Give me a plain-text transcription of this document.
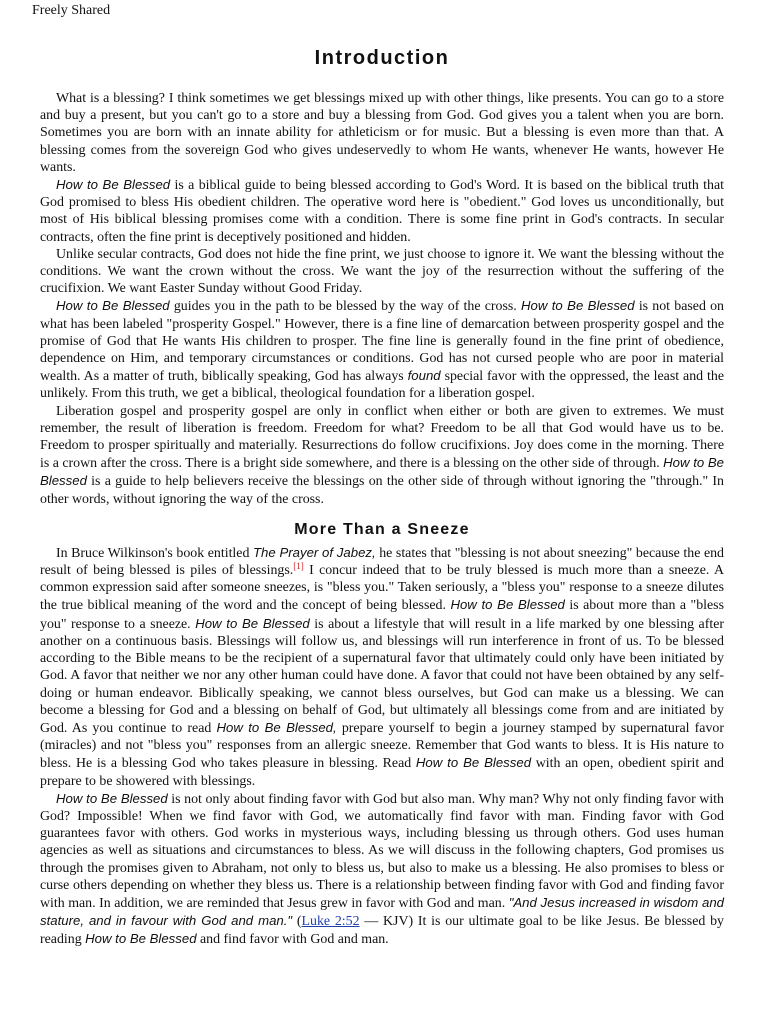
Freely Shared
Introduction

What is a blessing? I think sometimes we get blessings mixed up with other things, like presents. You can go to a store and buy a present, but you can't go to a store and buy a blessing from God. God gives you a talent when you are born. Sometimes you are born with an innate ability for athleticism or for music. But a blessing is even more than that. A blessing comes from the sovereign God who gives undeservedly to whom He wants, whenever He wants, however He wants.

How to Be Blessed is a biblical guide to being blessed according to God's Word. It is based on the biblical truth that God promised to bless His obedient children. The operative word here is "obedient." God loves us unconditionally, but most of His biblical blessing promises come with a condition. There is some fine print in God's contracts. In secular contracts, often the fine print is deceptively positioned and hidden.

Unlike secular contracts, God does not hide the fine print, we just choose to ignore it. We want the blessing without the conditions. We want the crown without the cross. We want the joy of the resurrection without the suffering of the crucifixion. We want Easter Sunday without Good Friday.

How to Be Blessed guides you in the path to be blessed by the way of the cross. How to Be Blessed is not based on what has been labeled "prosperity Gospel." However, there is a fine line of demarcation between prosperity gospel and the promise of God that He wants His children to prosper. The fine line is generally found in the fine print of obedience, dependence on Him, and temporary circumstances or conditions. God has not cursed people who are poor in material wealth. As a matter of truth, biblically speaking, God has always found special favor with the oppressed, the least and the unlikely. From this truth, we get a biblical, theological foundation for a liberation gospel.

Liberation gospel and prosperity gospel are only in conflict when either or both are given to extremes. We must remember, the result of liberation is freedom. Freedom for what? Freedom to be all that God would have us to be. Freedom to prosper spiritually and materially. Resurrections do follow crucifixions. Joy does come in the morning. There is a crown after the cross. There is a bright side somewhere, and there is a blessing on the other side of through. How to Be Blessed is a guide to help believers receive the blessings on the other side of through without ignoring the "through." In other words, without ignoring the way of the cross.

More Than a Sneeze

In Bruce Wilkinson's book entitled The Prayer of Jabez, he states that "blessing is not about sneezing" because the end result of being blessed is piles of blessings.[1] I concur indeed that to be truly blessed is much more than a sneeze. A common expression said after someone sneezes, is "bless you." Taken seriously, a "bless you" response to a sneeze dilutes the true biblical meaning of the word and the concept of being blessed. How to Be Blessed is about more than a "bless you" response to a sneeze. How to Be Blessed is about a lifestyle that will result in a life marked by one blessing after another on a continuous basis. Blessings will follow us, and blessings will run interference in front of us. To be blessed according to the Bible means to be the recipient of a supernatural favor that ultimately could only have been initiated by God. A favor that neither we nor any other human could have done. A favor that could not have been obtained by any self-doing or human endeavor. Biblically speaking, we cannot bless ourselves, but God can make us a blessing. We can become a blessing for God and a blessing on behalf of God, but ultimately all blessings come from and are initiated by God. As you continue to read How to Be Blessed, prepare yourself to begin a journey stamped by supernatural favor (miracles) and not "bless you" responses from an allergic sneeze. Remember that God wants to bless. It is His nature to bless. He is a blessing God who takes pleasure in blessing. Read How to Be Blessed with an open, obedient spirit and prepare to be showered with blessings.

How to Be Blessed is not only about finding favor with God but also man. Why man? Why not only finding favor with God? Impossible! When we find favor with God, we automatically find favor with man. Finding favor with God guarantees favor with others. God works in mysterious ways, including blessing us through others. God uses human agencies as well as situations and circumstances to bless. As we will discuss in the following chapters, God promises us through the promises given to Abraham, not only to bless us, but also to make us a blessing. He also promises to bless or curse others depending on whether they bless us. There is a relationship between finding favor with God and finding favor with man. In addition, we are reminded that Jesus grew in favor with God and man. "And Jesus increased in wisdom and stature, and in favour with God and man." (Luke 2:52 — KJV) It is our ultimate goal to be like Jesus. Be blessed by reading How to Be Blessed and find favor with God and man.
